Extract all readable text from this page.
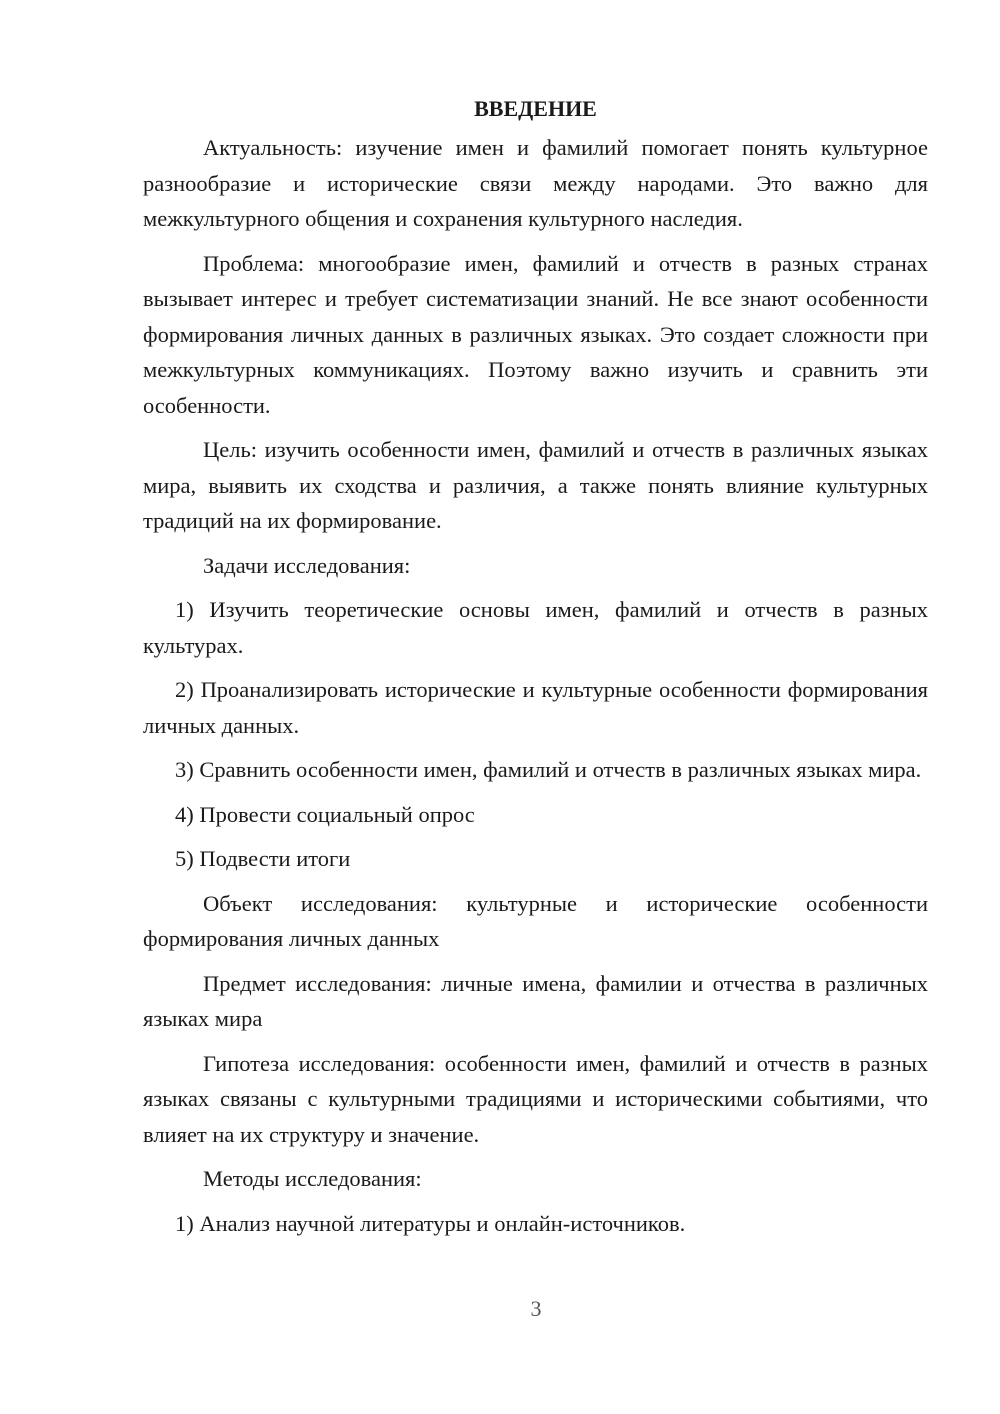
ВВЕДЕНИЕ

Актуальность: изучение имен и фамилий помогает понять культурное разнообразие и исторические связи между народами. Это важно для межкультурного общения и сохранения культурного наследия.

Проблема: многообразие имен, фамилий и отчеств в разных странах вызывает интерес и требует систематизации знаний. Не все знают особенности формирования личных данных в различных языках. Это создает сложности при межкультурных коммуникациях. Поэтому важно изучить и сравнить эти особенности.

Цель: изучить особенности имен, фамилий и отчеств в различных языках мира, выявить их сходства и различия, а также понять влияние культурных традиций на их формирование.

Задачи исследования:

1) Изучить теоретические основы имен, фамилий и отчеств в разных культурах.

2) Проанализировать исторические и культурные особенности формирования личных данных.

3) Сравнить особенности имен, фамилий и отчеств в различных языках мира.

4) Провести социальный опрос

5) Подвести итоги

Объект исследования: культурные и исторические особенности формирования личных данных

Предмет исследования: личные имена, фамилии и отчества в различных языках мира

Гипотеза исследования: особенности имен, фамилий и отчеств в разных языках связаны с культурными традициями и историческими событиями, что влияет на их структуру и значение.

Методы исследования:

1) Анализ научной литературы и онлайн-источников.

3
